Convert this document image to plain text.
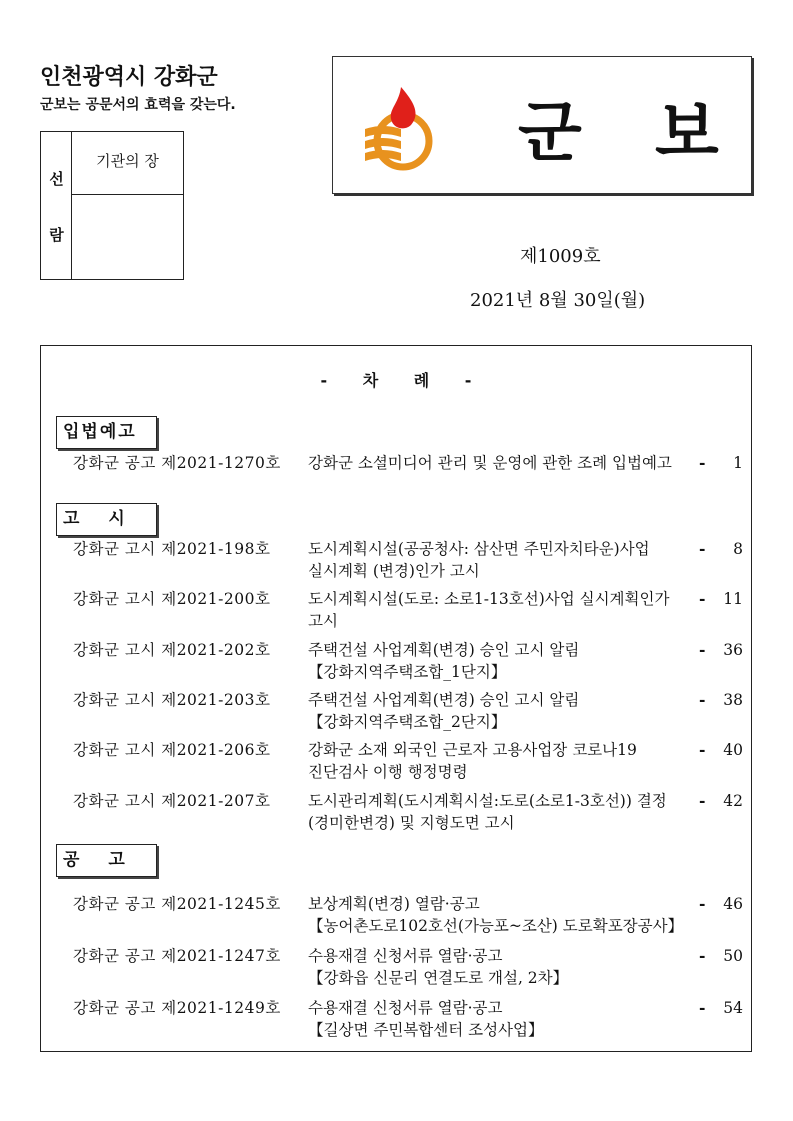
인천광역시 강화군
군보는 공문서의 효력을 갖는다.
선
람
기관의 장	군 보
제1009호
2021년 8월 30일(월)
- 차 례 -
입법예고
강화군 공고 제2021-1270호 강화군 소셜미디어 관리 및 운영에 관한 조례 입법예고	- 1
고　 시
강화군 고시 제2021-198호 도시계획시설(공공청사: 삼산면 주민자치타운)사업
실시계획 (변경)인가 고시
- 8
강화군 고시 제2021-200호 도시계획시설(도로: 소로1-13호선)사업 실시계획인가
고시
- 11
강화군 고시 제2021-202호 주택건설 사업계획(변경) 승인 고시 알림
【강화지역주택조합_1단지】
- 36
강화군 고시 제2021-203호 주택건설 사업계획(변경) 승인 고시 알림
【강화지역주택조합_2단지】
- 38
강화군 고시 제2021-206호 강화군 소재 외국인 근로자 고용사업장 코로나19
진단검사 이행 행정명령
- 40
강화군 고시 제2021-207호 도시관리계획(도시계획시설:도로(소로1-3호선)) 결정
(경미한변경) 및 지형도면 고시
- 42
공　 고
강화군 공고 제2021-1245호 보상계획(변경) 열람·공고
【농어촌도로102호선(가능포~조산) 도로확포장공사】
- 46
강화군 공고 제2021-1247호 수용재결 신청서류 열람·공고
【강화읍 신문리 연결도로 개설, 2차】
- 50
강화군 공고 제2021-1249호 수용재결 신청서류 열람·공고
【길상면 주민복합센터 조성사업】
- 54
